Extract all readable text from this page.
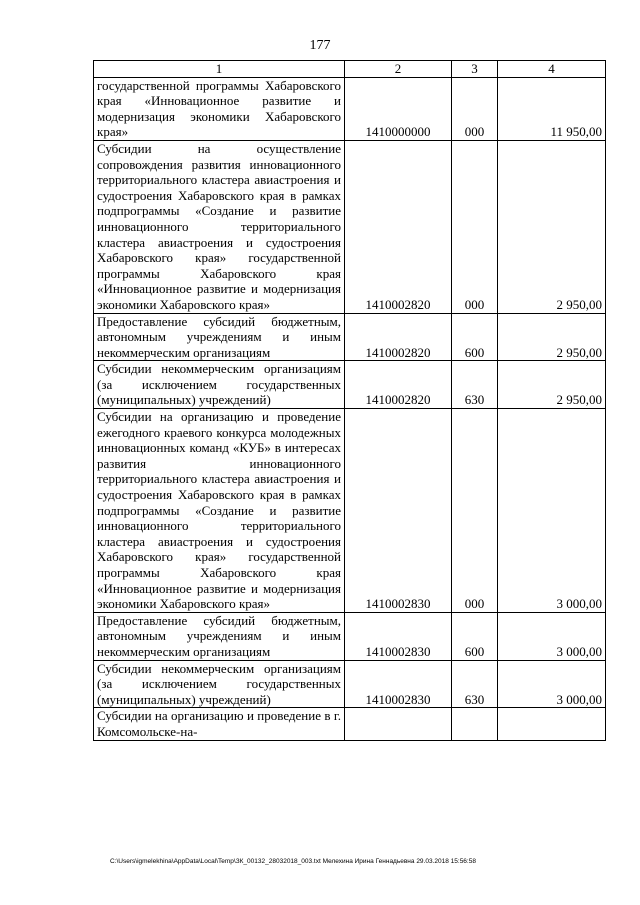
177
1	2	3	4
государственной программы Хабаровского края «Инновационное развитие и модернизация экономики Хабаровского края»	1410000000	000	11 950,00
Субсидии на осуществление сопровождения развития инновационного территориального кластера авиастроения и судостроения Хабаровского края в рамках подпрограммы «Создание и развитие инновационного территориального кластера авиастроения и судостроения Хабаровского края» государственной программы Хабаровского края «Инновационное развитие и модернизация экономики Хабаровского края»	1410002820	000	2 950,00
Предоставление субсидий бюджетным, автономным учреждениям и иным некоммерческим организациям	1410002820	600	2 950,00
Субсидии некоммерческим организациям (за исключением государственных (муниципальных) учреждений)	1410002820	630	2 950,00
Субсидии на организацию и проведение ежегодного краевого конкурса молодежных инновационных команд «КУБ» в интересах развития инновационного территориального кластера авиастроения и судостроения Хабаровского края в рамках подпрограммы «Создание и развитие инновационного территориального кластера авиастроения и судостроения Хабаровского края» государственной программы Хабаровского края «Инновационное развитие и модернизация экономики Хабаровского края»	1410002830	000	3 000,00
Предоставление субсидий бюджетным, автономным учреждениям и иным некоммерческим организациям	1410002830	600	3 000,00
Субсидии некоммерческим организациям (за исключением государственных (муниципальных) учреждений)	1410002830	630	3 000,00
Субсидии на организацию и проведение в г. Комсомольске-на-			
C:\Users\igmelekhina\AppData\Local\Temp\ЗК_00132_28032018_003.txt Мелехина Ирина Геннадьевна 29.03.2018 15:56:58
